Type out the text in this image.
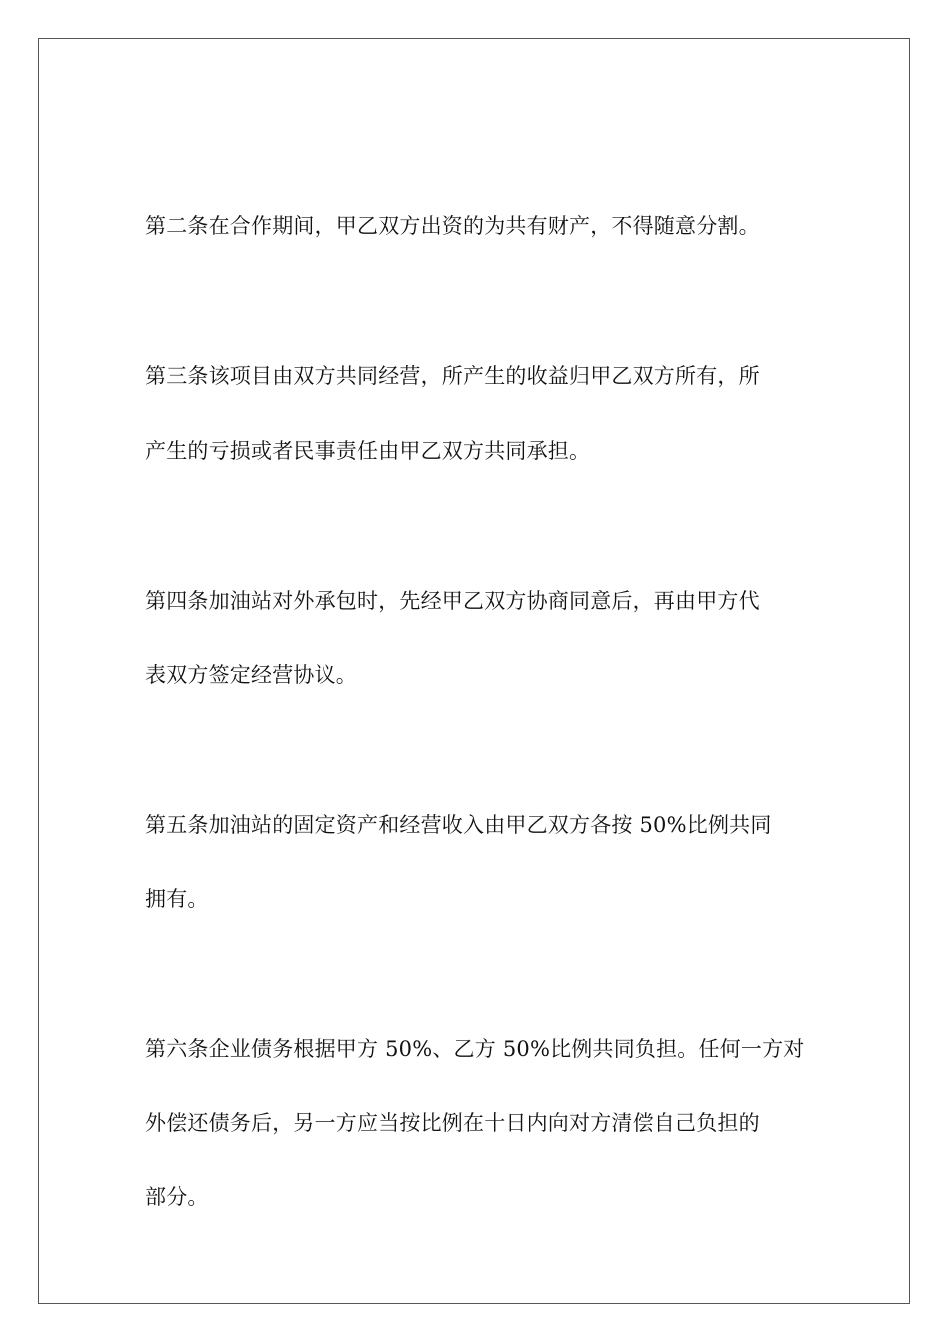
第二条在合作期间，甲乙双方出资的为共有财产，不得随意分割。
第三条该项目由双方共同经营，所产生的收益归甲乙双方所有，所
产生的亏损或者民事责任由甲乙双方共同承担。
第四条加油站对外承包时，先经甲乙双方协商同意后，再由甲方代
表双方签定经营协议。
第五条加油站的固定资产和经营收入由甲乙双方各按 50%比例共同
拥有。
第六条企业债务根据甲方 50%、乙方 50%比例共同负担。任何一方对
外偿还债务后，另一方应当按比例在十日内向对方清偿自己负担的
部分。
